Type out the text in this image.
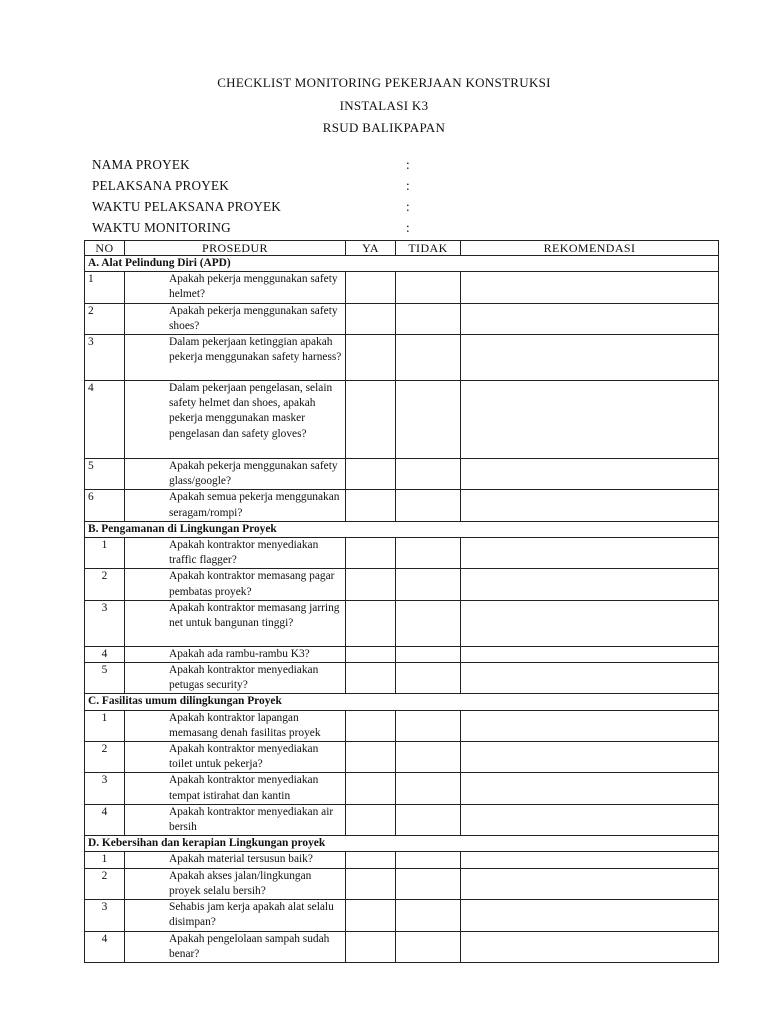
CHECKLIST MONITORING PEKERJAAN KONSTRUKSI
INSTALASI K3
RSUD BALIKPAPAN
NAMA PROYEK	:
PELAKSANA PROYEK	:
WAKTU PELAKSANA PROYEK	:
WAKTU MONITORING	:
NO	PROSEDUR	YA	TIDAK	REKOMENDASI
A. Alat Pelindung Diri (APD)				
1	Apakah pekerja menggunakan safety helmet?			
2	Apakah pekerja menggunakan safety shoes?			
3	Dalam pekerjaan ketinggian apakah pekerja menggunakan safety harness?			
4	Dalam pekerjaan pengelasan, selain safety helmet dan shoes, apakah pekerja menggunakan masker pengelasan dan safety gloves?			
5	Apakah pekerja menggunakan safety glass/google?			
6	Apakah semua pekerja menggunakan seragam/rompi?			
B. Pengamanan di Lingkungan Proyek				
1	Apakah kontraktor menyediakan traffic flagger?			
2	Apakah kontraktor memasang pagar pembatas proyek?			
3	Apakah kontraktor memasang jarring net untuk bangunan tinggi?			
4	Apakah ada rambu-rambu K3?			
5	Apakah kontraktor menyediakan petugas security?			
C. Fasilitas umum dilingkungan Proyek				
1	Apakah kontraktor lapangan memasang denah fasilitas proyek			
2	Apakah kontraktor menyediakan toilet untuk pekerja?			
3	Apakah kontraktor menyediakan tempat istirahat dan kantin			
4	Apakah kontraktor menyediakan air bersih			
D. Kebersihan dan kerapian Lingkungan proyek				
1	Apakah material tersusun baik?			
2	Apakah akses jalan/lingkungan proyek selalu bersih?			
3	Sehabis jam kerja apakah alat selalu disimpan?			
4	Apakah pengelolaan sampah sudah benar?			
